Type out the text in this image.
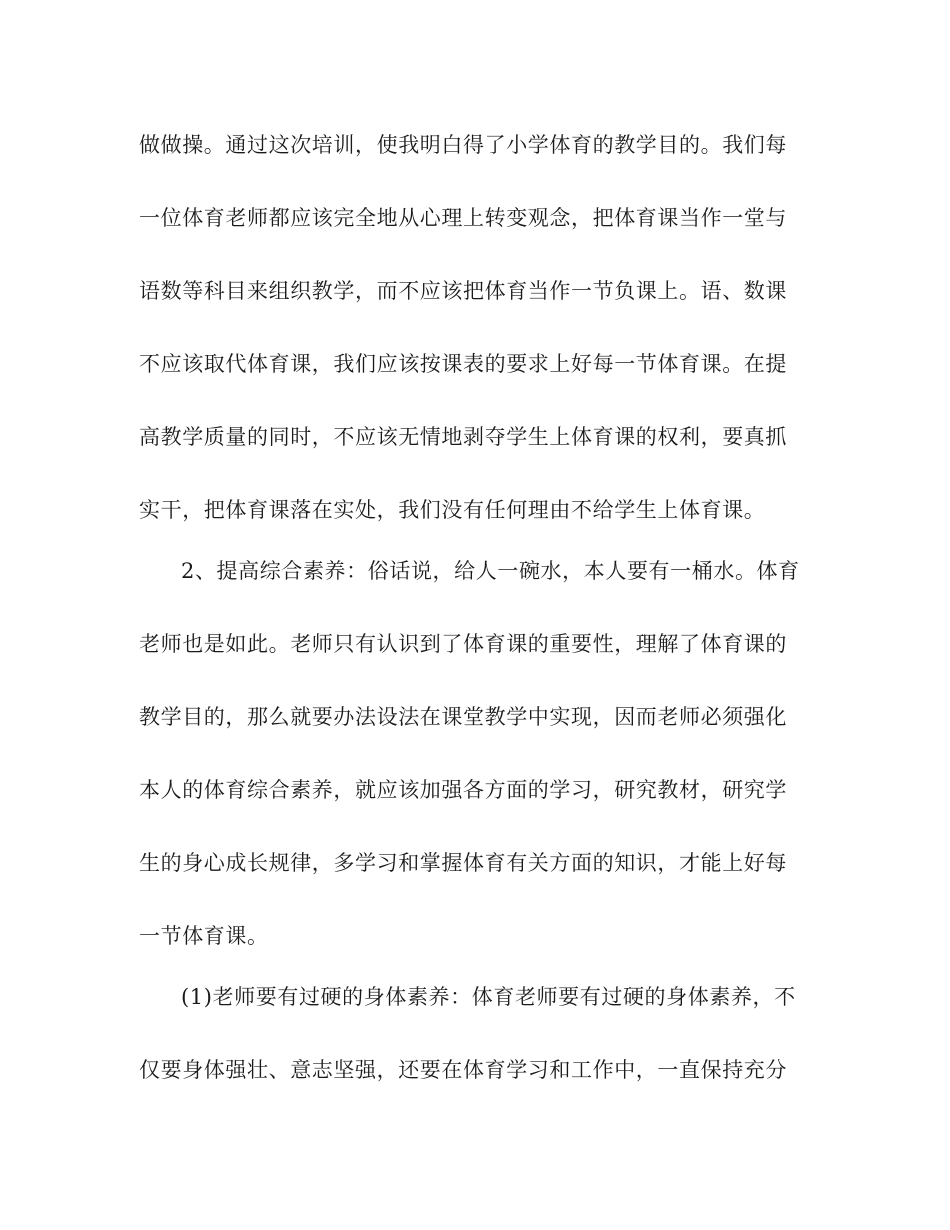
做做操。通过这次培训，使我明白得了小学体育的教学目的。我们每
一位体育老师都应该完全地从心理上转变观念，把体育课当作一堂与
语数等科目来组织教学，而不应该把体育当作一节负课上。语、数课
不应该取代体育课，我们应该按课表的要求上好每一节体育课。在提
高教学质量的同时，不应该无情地剥夺学生上体育课的权利，要真抓
实干，把体育课落在实处，我们没有任何理由不给学生上体育课。
2、提高综合素养：俗话说，给人一碗水，本人要有一桶水。体育
老师也是如此。老师只有认识到了体育课的重要性，理解了体育课的
教学目的，那么就要办法设法在课堂教学中实现，因而老师必须强化
本人的体育综合素养，就应该加强各方面的学习，研究教材，研究学
生的身心成长规律，多学习和掌握体育有关方面的知识，才能上好每
一节体育课。
(1)老师要有过硬的身体素养：体育老师要有过硬的身体素养，不
仅要身体强壮、意志坚强，还要在体育学习和工作中，一直保持充分
